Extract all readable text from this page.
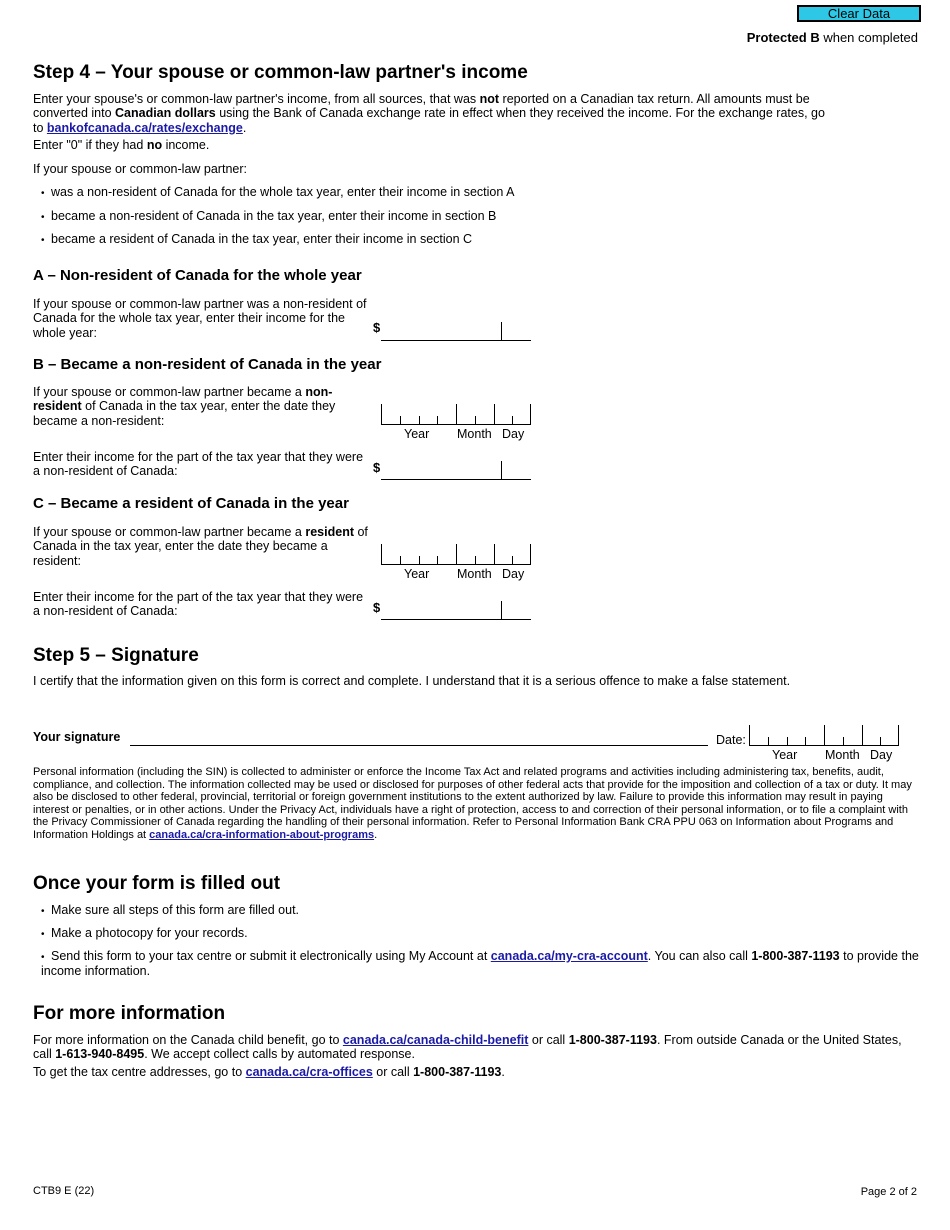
Clear Data
Protected B when completed
Step 4 – Your spouse or common-law partner's income

Enter your spouse's or common-law partner's income, from all sources, that was not reported on a Canadian tax return. All amounts must be converted into Canadian dollars using the Bank of Canada exchange rate in effect when they received the income. For the exchange rates, go to bankofcanada.ca/rates/exchange.

Enter "0" if they had no income.

If your spouse or common-law partner:

• was a non-resident of Canada for the whole tax year, enter their income in section A

• became a non-resident of Canada in the tax year, enter their income in section B

• became a resident of Canada in the tax year, enter their income in section C

A – Non-resident of Canada for the whole year

If your spouse or common-law partner was a non-resident of Canada for the whole tax year, enter their income for the whole year:	$
B – Became a non-resident of Canada in the year

If your spouse or common-law partner became a non-resident of Canada in the tax year, enter the date they became a non-resident:

Year Month Day

Enter their income for the part of the tax year that they were a non-resident of Canada:	$
C – Became a resident of Canada in the year

If your spouse or common-law partner became a resident of Canada in the tax year, enter the date they became a resident:

Year Month Day

Enter their income for the part of the tax year that they were a non-resident of Canada:	$
Step 5 – Signature

I certify that the information given on this form is correct and complete. I understand that it is a serious offence to make a false statement.

Your signature	Date:
Year Month Day

Personal information (including the SIN) is collected to administer or enforce the Income Tax Act and related programs and activities including administering tax, benefits, audit, compliance, and collection. The information collected may be used or disclosed for purposes of other federal acts that provide for the imposition and collection of a tax or duty. It may also be disclosed to other federal, provincial, territorial or foreign government institutions to the extent authorized by law. Failure to provide this information may result in paying interest or penalties, or in other actions. Under the Privacy Act, individuals have a right of protection, access to and correction of their personal information, or to file a complaint with the Privacy Commissioner of Canada regarding the handling of their personal information. Refer to Personal Information Bank CRA PPU 063 on Information about Programs and Information Holdings at canada.ca/cra-information-about-programs.

Once your form is filled out

• Make sure all steps of this form are filled out.

• Make a photocopy for your records.

• Send this form to your tax centre or submit it electronically using My Account at canada.ca/my-cra-account. You can also call 1-800-387-1193 to provide the income information.

For more information

For more information on the Canada child benefit, go to canada.ca/canada-child-benefit or call 1-800-387-1193. From outside Canada or the United States, call 1-613-940-8495. We accept collect calls by automated response.

To get the tax centre addresses, go to canada.ca/cra-offices or call 1-800-387-1193.

CTB9 E (22)	Page 2 of 2
